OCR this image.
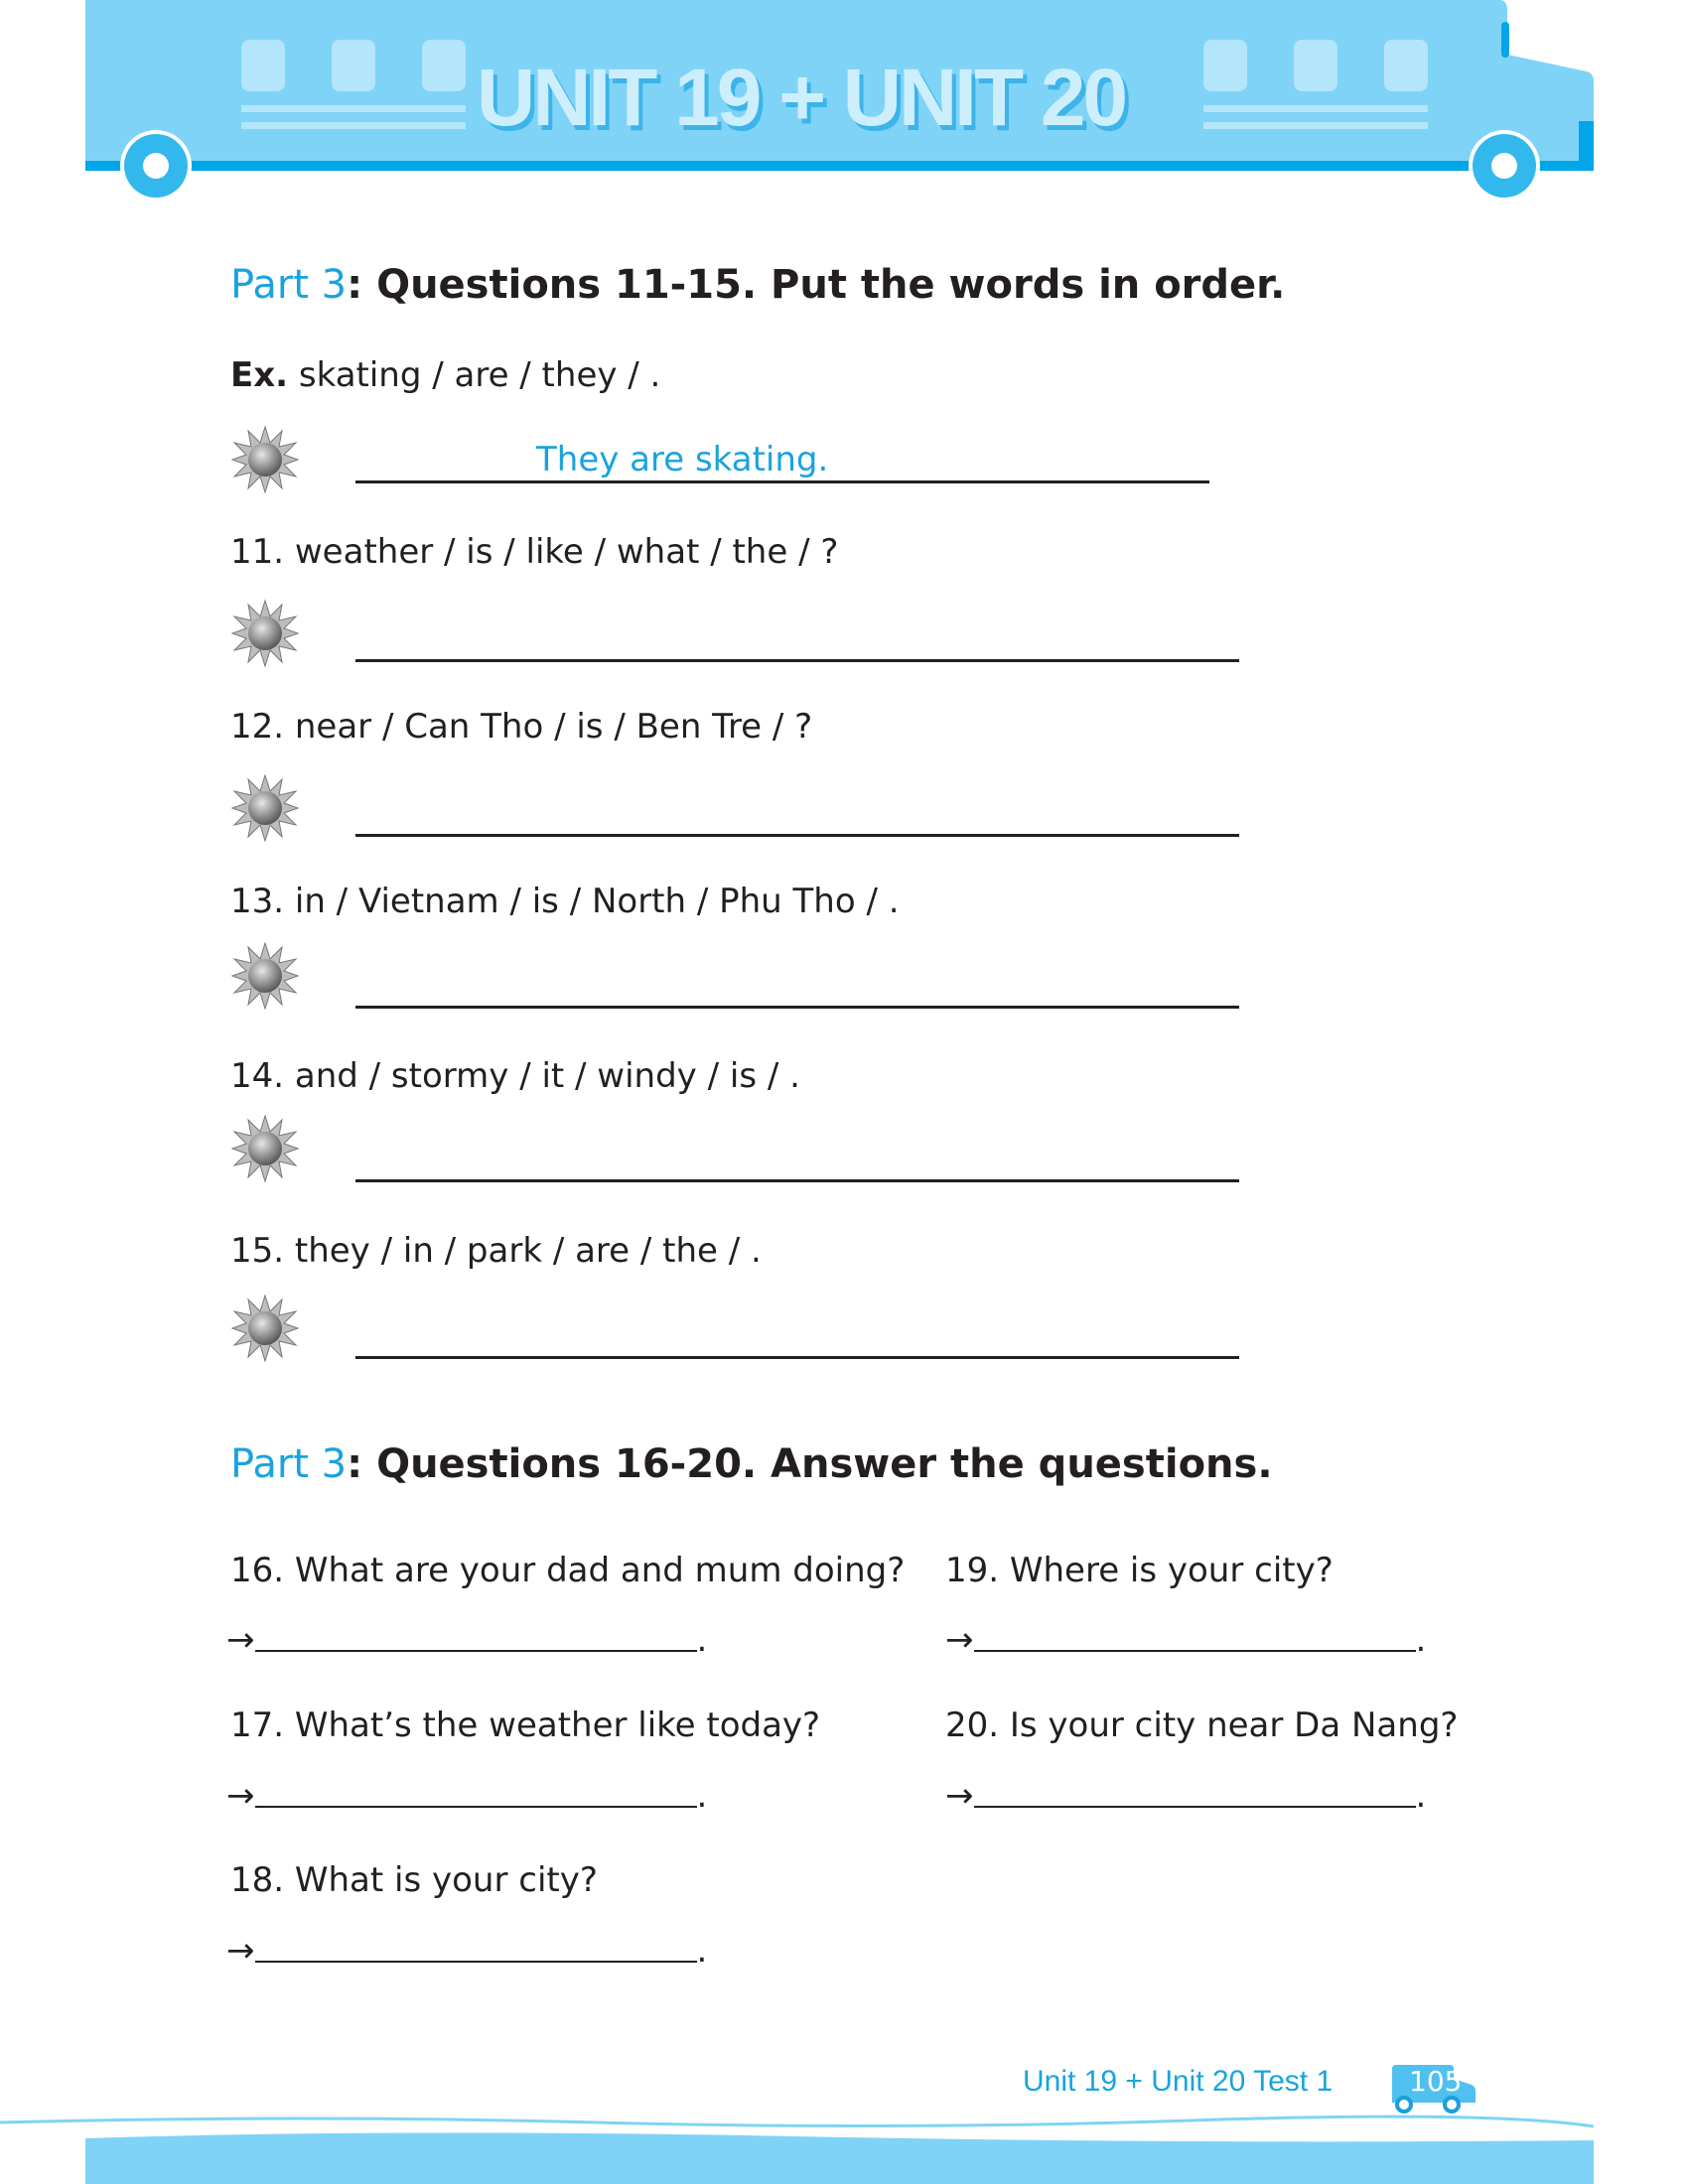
UNIT 19 + UNIT 20
Part 3: Questions 11-15. Put the words in order.
Ex. skating / are / they / .
They are skating.
11. weather / is / like / what / the / ?
12. near / Can Tho / is / Ben Tre / ?
13. in / Vietnam / is / North / Phu Tho / .
14. and / stormy / it / windy / is / .
15. they / in / park / are / the / .
Part 3: Questions 16-20. Answer the questions.
16. What are your dad and mum doing?
→	.
17. What’s the weather like today?
→	.
18. What is your city?
→	.
19. Where is your city?
→	.
20. Is your city near Da Nang?
→	.
105
Unit 19 + Unit 20 Test 1
